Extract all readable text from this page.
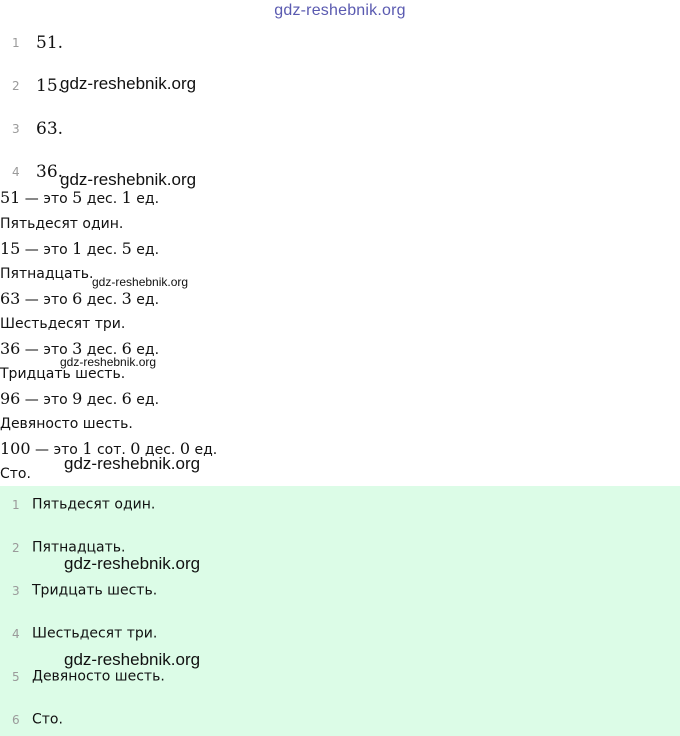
gdz-reshebnik.org
1 51.
2 15.
3 63.
4 36.
51 — это 5 дес. 1 ед.
Пятьдесят один.
15 — это 1 дес. 5 ед.
Пятнадцать.
63 — это 6 дес. 3 ед.
Шестьдесят три.
36 — это 3 дес. 6 ед.
Тридцать шесть.
96 — это 9 дес. 6 ед.
Девяносто шесть.
100 — это 1 сот. 0 дес. 0 ед.
Сто.
1 Пятьдесят один.
2 Пятнадцать.
3 Тридцать шесть.
4 Шестьдесят три.
5 Девяносто шесть.
6 Сто.
gdz-reshebnik.org
gdz-reshebnik.org
gdz-reshebnik.org
gdz-reshebnik.org
gdz-reshebnik.org
gdz-reshebnik.org
gdz-reshebnik.org
